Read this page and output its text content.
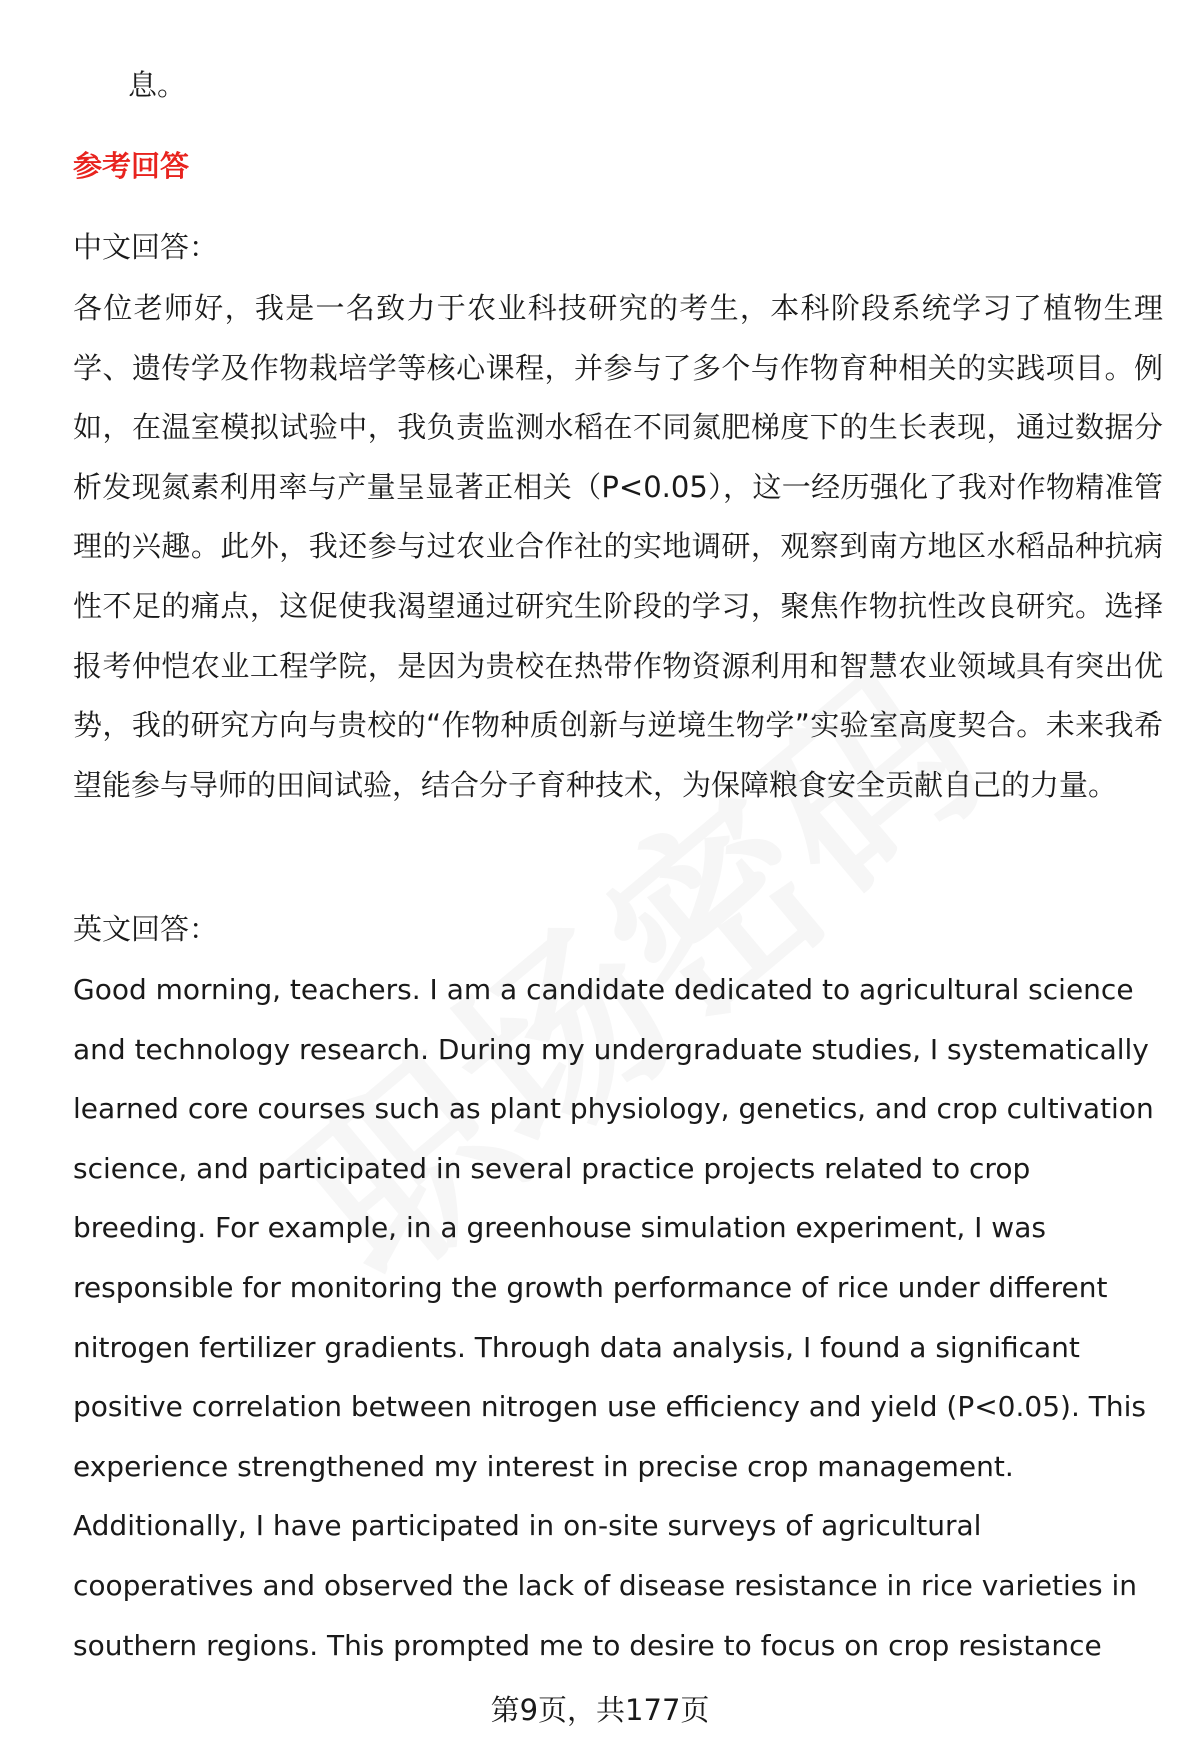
息。
参考回答
中文回答：

各位老师好，我是一名致力于农业科技研究的考生，本科阶段系统学习了植物生理学、遗传学及作物栽培学等核心课程，并参与了多个与作物育种相关的实践项目。例如，在温室模拟试验中，我负责监测水稻在不同氮肥梯度下的生长表现，通过数据分析发现氮素利用率与产量呈显著正相关（P<0.05），这一经历强化了我对作物精准管理的兴趣。此外，我还参与过农业合作社的实地调研，观察到南方地区水稻品种抗病性不足的痛点，这促使我渴望通过研究生阶段的学习，聚焦作物抗性改良研究。选择报考仲恺农业工程学院，是因为贵校在热带作物资源利用和智慧农业领域具有突出优势，我的研究方向与贵校的“作物种质创新与逆境生物学”实验室高度契合。未来我希望能参与导师的田间试验，结合分子育种技术，为保障粮食安全贡献自己的力量。

英文回答：

Good morning, teachers. I am a candidate dedicated to agricultural science and technology research. During my undergraduate studies, I systematically learned core courses such as plant physiology, genetics, and crop cultivation science, and participated in several practice projects related to crop breeding. For example, in a greenhouse simulation experiment, I was responsible for monitoring the growth performance of rice under different nitrogen fertilizer gradients. Through data analysis, I found a significant positive correlation between nitrogen use efficiency and yield (P<0.05). This experience strengthened my interest in precise crop management. Additionally, I have participated in on-site surveys of agricultural cooperatives and observed the lack of disease resistance in rice varieties in southern regions. This prompted me to desire to focus on crop resistance

第9页，共177页
